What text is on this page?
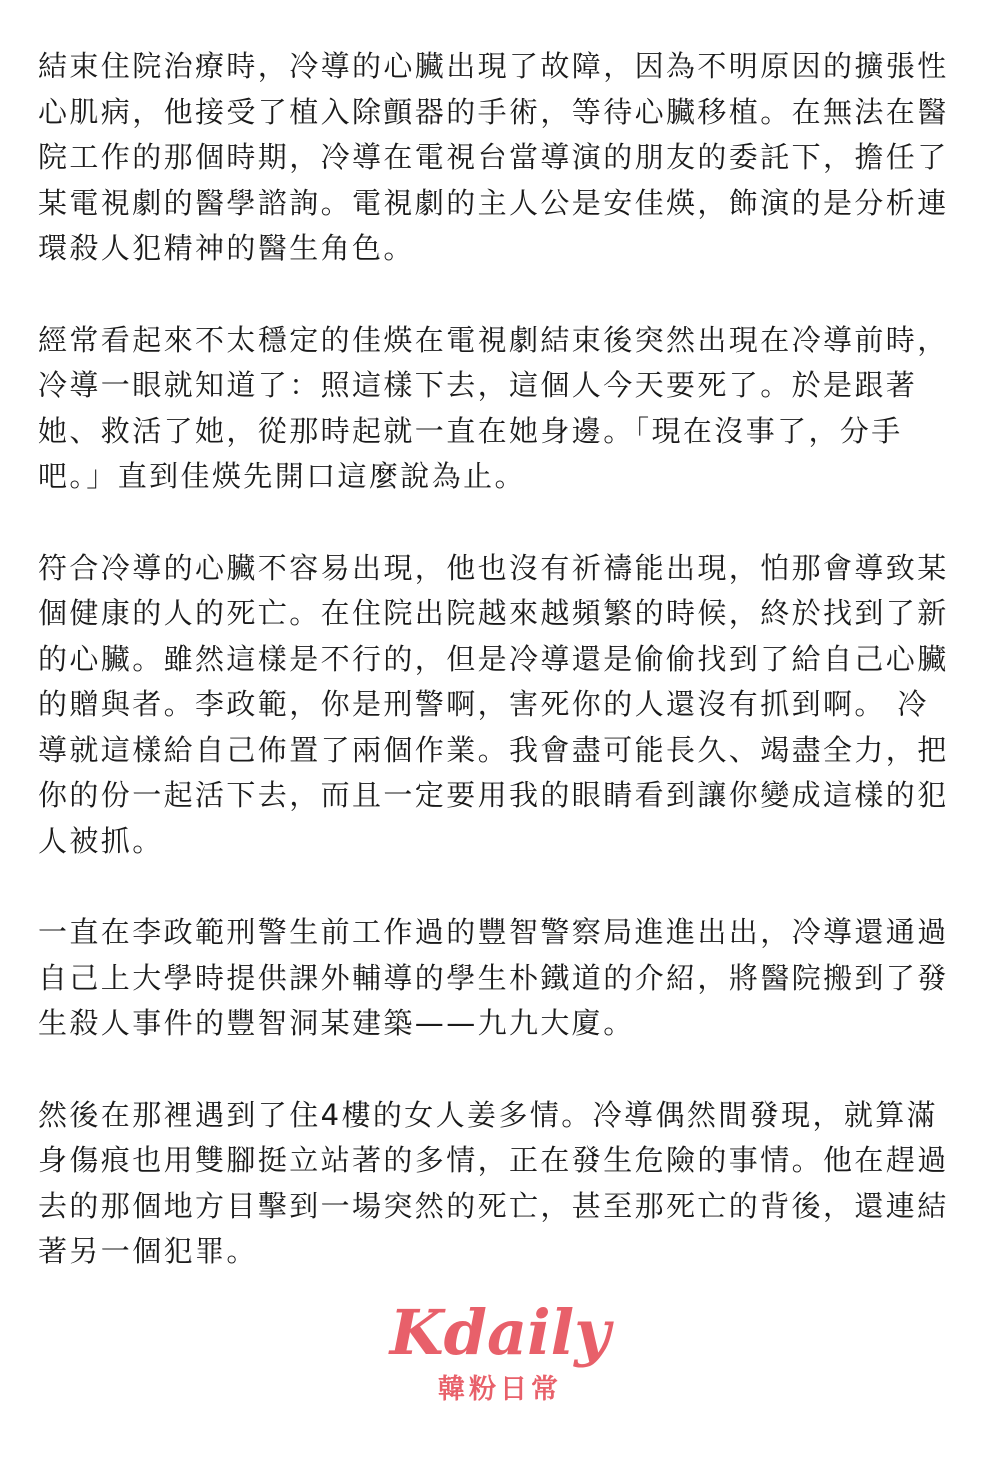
結束住院治療時，冷導的心臟出現了故障，因為不明原因的擴張性
心肌病，他接受了植入除顫器的手術，等待心臟移植。在無法在醫
院工作的那個時期，冷導在電視台當導演的朋友的委託下，擔任了
某電視劇的醫學諮詢。電視劇的主人公是安佳煐，飾演的是分析連
環殺人犯精神的醫生角色。

經常看起來不太穩定的佳煐在電視劇結束後突然出現在冷導前時，
冷導一眼就知道了：照這樣下去，這個人今天要死了。於是跟著
她、救活了她，從那時起就一直在她身邊。「現在沒事了，分手
吧。」直到佳煐先開口這麼說為止。

符合冷導的心臟不容易出現，他也沒有祈禱能出現，怕那會導致某
個健康的人的死亡。在住院出院越來越頻繁的時候，終於找到了新
的心臟。雖然這樣是不行的，但是冷導還是偷偷找到了給自己心臟
的贈與者。李政範，你是刑警啊，害死你的人還沒有抓到啊。 冷
導就這樣給自己佈置了兩個作業。我會盡可能長久、竭盡全力，把
你的份一起活下去，而且一定要用我的眼睛看到讓你變成這樣的犯
人被抓。

一直在李政範刑警生前工作過的豐智警察局進進出出，冷導還通過
自己上大學時提供課外輔導的學生朴鐵道的介紹，將醫院搬到了發
生殺人事件的豐智洞某建築——九九大廈。

然後在那裡遇到了住4樓的女人姜多情。冷導偶然間發現，就算滿
身傷痕也用雙腳挺立站著的多情，正在發生危險的事情。他在趕過
去的那個地方目擊到一場突然的死亡，甚至那死亡的背後，還連結
著另一個犯罪。

Kdaily
韓粉日常
